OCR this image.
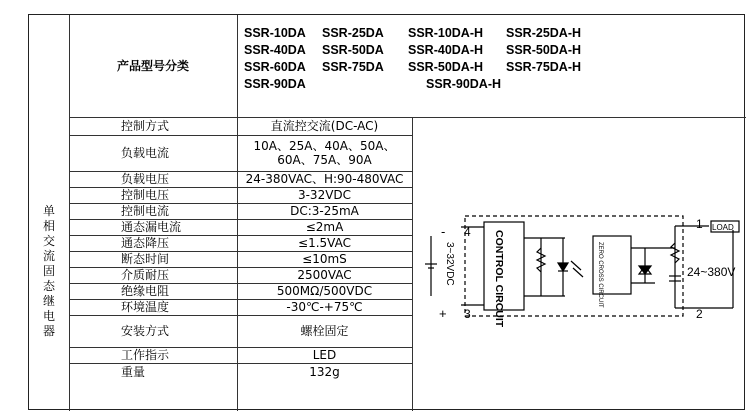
产品型号分类
SSR-10DA	SSR-25DA	SSR-10DA-H	SSR-25DA-H
SSR-40DA	SSR-50DA	SSR-40DA-H	SSR-50DA-H
SSR-60DA	SSR-75DA	SSR-50DA-H	SSR-75DA-H
SSR-90DA	SSR-90DA-H
单
相
交
流
固
态
继
电
器
控制方式	直流控交流(DC-AC)
负载电流	10A、25A、40A、50A、
60A、75A、90A
负载电压	24-380VAC、H:90-480VAC
控制电压	3-32VDC
控制电流	DC:3-25mA
通态漏电流	≤2mA
通态降压	≤1.5VAC
断态时间	≤10mS
介质耐压	2500VAC
绝缘电阻	500MΩ/500VDC
环境温度	-30℃-+75℃
安装方式	螺栓固定
工作指示	LED
重量	132g
4
3
-
+
1
2
3~32VDC	CONTROL CIRCUIT	ZERO CROSS CIRCUIT
LOAD
24~380V
